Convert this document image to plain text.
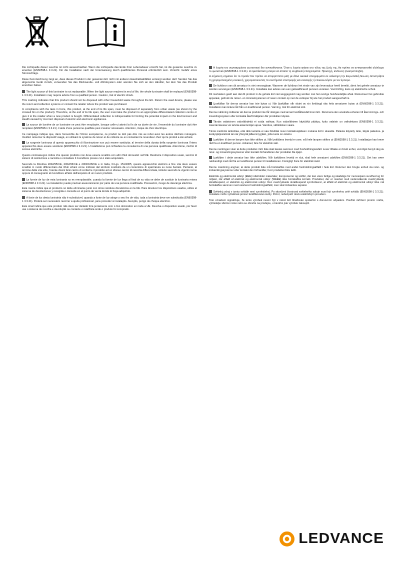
Die Lichtquelle dieser Leuchte ist nicht auswechselbar. Wenn die Lichtquelle das Ende ihrer Lebensdauer erreicht hat, ist die gesamte Leuchte zu ersetzen (EN60598-1 3.3.21). Für die Installation nach der Unterweisung durch qualifiziertes Personal erforderlich sein. Vorsicht: Gefahr eines Stromschlags.

Diese Kennzeichnung zeigt an, dass dieses Produkt in der gesamten EU nicht mit anderen Haushaltsabfällen entsorgt werden darf. Senden Sie das abgenutzte Gerät zurück, verwenden Sie das Rückwende- und Abholsystem oder wenden Sie sich an den Händler, bei dem Sie das Produkt erworben haben.

The light source of this luminaire is not replaceable. When the light source reaches its end of life, the whole luminaire shall be replaced (EN60598-1 3.3.21). Installation may require advice from a qualified person. Caution, risk of electric shock.

This marking indicates that this product should not be disposed with other household waste throughout the EU. Return the used device, please use the return and collection systems or contact the retailer where the product was purchased.

In compliance with the laws in force, this product, at the end of its life span, must be disposed of separately from urban waste (as shown by the crossed bin on the product). Therefore, at the end of its life span, the user must take the product to an appropriate differentiated collection centre or give it to the retailer when a new product is bought. Differentiated collection is indispensable for limiting the potential impact on the Environment and Health caused by incorrect disposal of electric and electronic appliances.

La source de lumière de ce luminaire ne peut être remplacée, lorsque celle-ci atteint la fin de sa durée de vie, l'ensemble du luminaire doit être remplacé (EN60598-1 3.3.21). L'aide d'une personne qualifiée peut s'avérer nécessaire. Attention, risque de choc électrique.

Ce marquage indique que, dans l'ensemble de l'Union européenne, ce produit ne doit pas être mis au rebut avec les autres déchets ménagers. Veuillez retourner le dispositif usagé, en utilisant le système de retour et de collecte ou en contactant le revendeur chez qui le produit a été acheté.

La sorgente luminosa di questo apparecchio di illuminazione non può essere sostituita; al termine della durata della sorgente luminosa l'intero apparecchio deve essere sostituito (EN60598-1 3.3.21). L'installazione può richiedere la consulenza di una persona qualificata. Attenzione, rischio di scosse elettriche.

Questo contrassegno indica che questo prodotto non deve essere smaltito con altri rifiuti domestici nell'UE. Restituire il dispositivo usato, servirsi di sistemi di restituzione e raccolta o contattare il rivenditore presso cui è stato acquistato.

Secondo la Direttiva 2002/95/CE, 2002/96/CE e 2003/108/CE e in Italia, D.Lgs. 151/2005, questo apparecchio elettrico a fine vita deve essere smaltito in modo differenziato dai rifiuti urbani come indicato dal simbolo costituito da un contenitore di spazzatura su ruote barrato. Pertanto, al termine della vita utile, l'utente dovrà farsi carico di conferire il prodotto ad un idoneo centro di raccolta differenziata, istituito secondo le vigenti norme oppure di consegnarlo al rivenditore all'atto dell'acquisto di un nuovo prodotto.

La fuente de luz de esta luminaria no es reemplazable; cuando la fuente de luz llega al final de su vida se debe de sustituir la luminaria entera (EN60598-1 3.3.21). La instalación puede precisar asesoramiento por parte de una persona cualificada. Precaución, riesgo de descarga eléctrica.

Esta marca indica que el producto no debe eliminarse junto con otros residuos domésticos en la UE. Para devolver los dispositivos usados, utilice el sistema de devoluciones y recogida o consulte en el punto de venta donde lo haya adquirido.

A fonte de luz desta luminária não é substituível, quando a fonte de luz atinge o seu fim de vida, toda a luminária deve ser substituída (EN60598-1 3.3.21). Poderá ser necessário recorrer a ajuda profissional, para proceder à instalação. Atenção, perigo de choque eléctrico.

Este sinal indica que este produto não deve ser deitado fora juntamente com o lixo doméstico em toda a UE. Devolva o dispositivo usado, por favor use o sistema de recolha e devolução ou contacte o retalhista onde o produto foi comprado.

Η λυχνία του συγκεκριμένου φωτιστικού δεν αντικαθίσταται. Όταν η λυχνία φτάσει στο τέλος της ζωής της, θα πρέπει να αντικατασταθεί ολόκληρο το φωτιστικό (EN60598-1 3.3.21). Η εγκατάσταση μπορεί να απαιτεί τη συμβουλή επαγγελματία. Προσοχή, κίνδυνος ηλεκτροπληξίας.

Η σήμανση σημαίνει ότι το προϊόν δεν πρέπει να απορρίπτεται μαζί με άλλα οικιακά απορρίμματα σε ολόκληρη την Ευρωπαϊκή Ένωση. Επιστρέψτε τη χρησιμοποιημένη συσκευή, χρησιμοποιώντας τα συστήματα επιστροφής και συλλογής ή επικοινωνήστε με τον έμπορο.

De lichtbron van dit armatuur is niet vervangbaar. Wanneer de lichtbron het einde van zijn levensduur heeft bereikt, dient het gehele armatuur te worden vervangen (EN60598-1 3.3.21). Installatie kan advies van een gekwalificeerd persoon vereisen. Voorzichtig, kans op elektrische schok.

Dit merkteken geeft aan dat dit product in de gehele EU niet weggegooid mag worden met het overige huishoudelijke afval. Retourneer het gebruikte apparaat, gebruik de retour- en inzamelsystemen of neem contact op met de verkoper bij wie het product aangeschaft is.

Ljuskällan för denna armatur kan inte bytas ut. När ljuskällan når slutet av sin livslängd ska hela armaturen bytas ut (EN60598-1 3.3.21). Installation kan kräva råd från en kvalificerad person. Varning, risk för elektrisk stöt.

Denna märkning indikerar att denna produkt inte får slängas med annat hushållsavfall inom EU. Returnera den använda enheten till återvinnings- och insamlingssystem eller kontakta återförsäljaren där produkten köptes.

Tämän valaisimen valonlähdettä ei voida vaihtaa. Kun valonlähteen käyttöikä päättyy, koko valaisin on vaihdettava (EN60598-1 3.3.21). Asentamisessa voi tarvita asiantuntijan apua. Varoitus, sähköiskun vaara.

Tämä merkintä tarkoittaa, että tätä tuotetta ei saa hävittää muun kotitalousjätteen mukana EU:n alueella. Palauta käytetty laite, käytä palautus- ja keräysjärjestelmiä tai ota yhteyttä jälleenmyyjään, jolta tuote on ostettu.

Lyskilden til denne lampen kan ikke skiftes ut. Når lyskildens levetid er over, må hele lampen skiftes ut (EN60598-1 3.3.21). Installasjon kan kreve råd fra en kvalifisert person. Advarsel, fare for elektrisk støt.

Denne merkingen viser at dette produktet i EU ikke skal kastes sammen med husholdningsavfall. Lever tilbake en brukt enhet, vennligst benytt deg av retur- og innsamlingssystemer eller kontakt forhandleren der produktet ble kjøpt.

Lyskilden i dette armatur kan ikke udskiftes. Når lyskildens levetid er slut, skal hele armaturet udskiftes (EN60598-1 3.3.21). Det kan være nødvendigt med råd fra en kvalificeret person til installationen. Forsigtig! Fare for elektrisk stød.

Denne mærkning angiver, at dette produkt ikke må bortskaffes med andet husholdningsaffald i hele EU. Returner den brugte enhed via retur- og indsamlingssystemer eller kontakt den forhandler, hvor produktet blev købt.

Elektrisk og elektronisk udstyr (EEE) indeholder materialer, komponenter og stoffer, der kan være farlige og skadelige for menneskers sundhed og for miljøet, når affald af elektrisk og elektronisk udstyr (WEEE) ikke bortskaffes korrekt. Produkter, der er mærket med nedenstående overkrydsede skraldespand, er elektrisk og elektronisk udstyr. Den overkrydsede skraldespand symboliserer, at affald af elektrisk og elektronisk udstyr ikke må bortskaffes sammen med usorteret husholdningsaffald, men skal indsamles separat.

Světelný zdroj v tomto svítidle není vyměnitelný. Po skončení životnosti světelného zdroje musí být vyměněno celé svítidlo (EN60598-1 3.3.21). Instalace může vyžadovat pomoc kvalifikované osoby. Pozor, nebezpečí úrazu elektrickým proudem.

Toto označení signalizuje, že tento výrobek nesmí být v rámci EU likvidován společně s domovním odpadem. Použité zařízení prosím vraťte, vyhledejte sběrné místo nebo se obraťte na prodejce, u kterého jste výrobek zakoupili.

LEDVANCE
